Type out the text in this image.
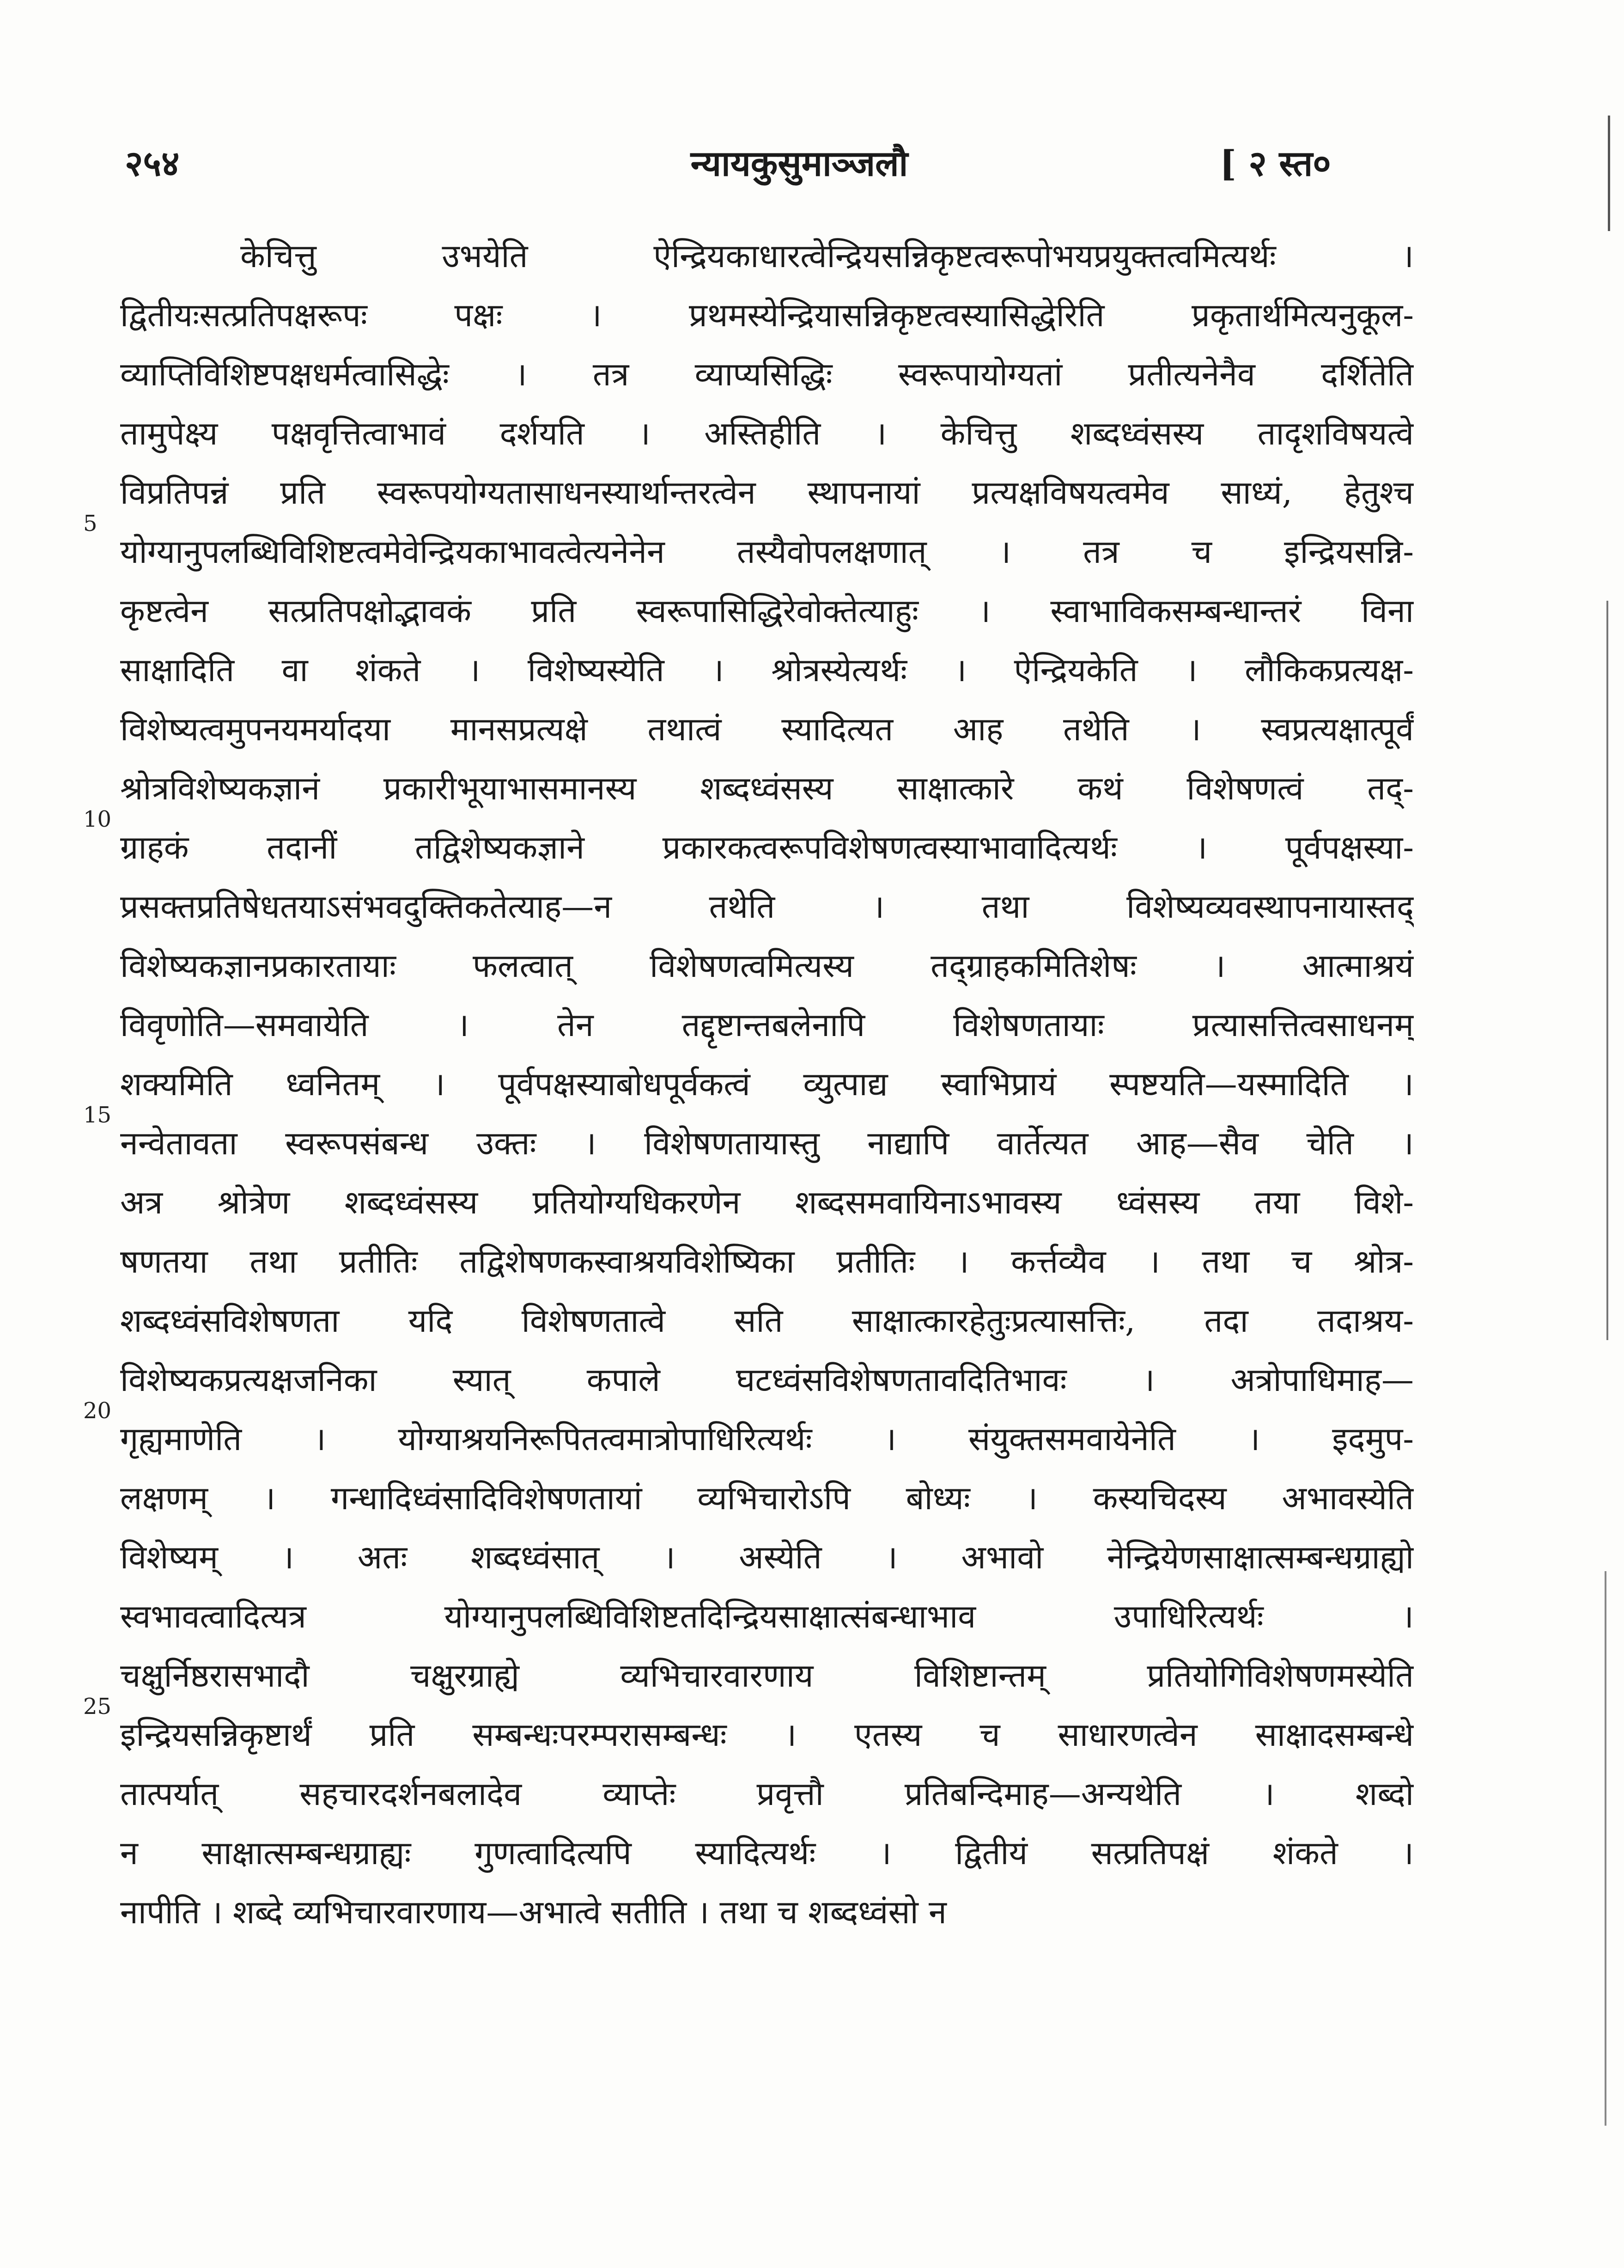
२५४	न्यायकुसुमाञ्जलौ	[ २ स्त०
5
10
15
20
25
केचित्तु उभयेति ऐन्द्रियकाधारत्वेन्द्रियसन्निकृष्टत्वरूपोभयप्रयुक्तत्वमित्यर्थः ।
द्वितीयःसत्प्रतिपक्षरूपः पक्षः । प्रथमस्येन्द्रियासन्निकृष्टत्वस्यासिद्धेरिति प्रकृतार्थमित्यनुकूल-
व्याप्तिविशिष्टपक्षधर्मत्वासिद्धेः । तत्र व्याप्यसिद्धिः स्वरूपायोग्यतां प्रतीत्यनेनैव दर्शितेति
तामुपेक्ष्य पक्षवृत्तित्वाभावं दर्शयति । अस्तिहीति । केचित्तु शब्दध्वंसस्य तादृशविषयत्वे
विप्रतिपन्नं प्रति स्वरूपयोग्यतासाधनस्यार्थान्तरत्वेन स्थापनायां प्रत्यक्षविषयत्वमेव साध्यं, हेतुश्च
योग्यानुपलब्धिविशिष्टत्वमेवेन्द्रियकाभावत्वेत्यनेनेन तस्यैवोपलक्षणात् । तत्र च इन्द्रियसन्नि-
कृष्टत्वेन सत्प्रतिपक्षोद्भावकं प्रति स्वरूपासिद्धिरेवोक्तेत्याहुः । स्वाभाविकसम्बन्धान्तरं विना
साक्षादिति वा शंकते । विशेष्यस्येति । श्रोत्रस्येत्यर्थः । ऐन्द्रियकेति । लौकिकप्रत्यक्ष-
विशेष्यत्वमुपनयमर्यादया मानसप्रत्यक्षे तथात्वं स्यादित्यत आह तथेति । स्वप्रत्यक्षात्पूर्वं
श्रोत्रविशेष्यकज्ञानं प्रकारीभूयाभासमानस्य शब्दध्वंसस्य साक्षात्कारे कथं विशेषणत्वं तद्-
ग्राहकं तदानीं तद्विशेष्यकज्ञाने प्रकारकत्वरूपविशेषणत्वस्याभावादित्यर्थः । पूर्वपक्षस्या-
प्रसक्तप्रतिषेधतयाऽसंभवदुक्तिकतेत्याह—न तथेति । तथा विशेष्यव्यवस्थापनायास्तद्
विशेष्यकज्ञानप्रकारतायाः फलत्वात् विशेषणत्वमित्यस्य तद्ग्राहकमितिशेषः । आत्माश्रयं
विवृणोति—समवायेति । तेन तद्दृष्टान्तबलेनापि विशेषणतायाः प्रत्यासत्तित्वसाधनम्
शक्यमिति ध्वनितम् । पूर्वपक्षस्याबोधपूर्वकत्वं व्युत्पाद्य स्वाभिप्रायं स्पष्टयति—यस्मादिति ।
नन्वेतावता स्वरूपसंबन्ध उक्तः । विशेषणतायास्तु नाद्यापि वार्तेत्यत आह—सैव चेति ।
अत्र श्रोत्रेण शब्दध्वंसस्य प्रतियोग्यधिकरणेन शब्दसमवायिनाऽभावस्य ध्वंसस्य तया विशे-
षणतया तथा प्रतीतिः तद्विशेषणकस्वाश्रयविशेष्यिका प्रतीतिः । कर्त्तव्यैव । तथा च श्रोत्र-
शब्दध्वंसविशेषणता यदि विशेषणतात्वे सति साक्षात्कारहेतुःप्रत्यासत्तिः, तदा तदाश्रय-
विशेष्यकप्रत्यक्षजनिका स्यात् कपाले घटध्वंसविशेषणतावदितिभावः । अत्रोपाधिमाह—
गृह्यमाणेति । योग्याश्रयनिरूपितत्वमात्रोपाधिरित्यर्थः । संयुक्तसमवायेनेति । इदमुप-
लक्षणम् । गन्धादिध्वंसादिविशेषणतायां व्यभिचारोऽपि बोध्यः । कस्यचिदस्य अभावस्येति
विशेष्यम् । अतः शब्दध्वंसात् । अस्येति । अभावो नेन्द्रियेणसाक्षात्सम्बन्धग्राह्यो
स्वभावत्वादित्यत्र योग्यानुपलब्धिविशिष्टतदिन्द्रियसाक्षात्संबन्धाभाव उपाधिरित्यर्थः ।
चक्षुर्निष्ठरासभादौ चक्षुरग्राह्ये व्यभिचारवारणाय विशिष्टान्तम् प्रतियोगिविशेषणमस्येति
इन्द्रियसन्निकृष्टार्थं प्रति सम्बन्धःपरम्परासम्बन्धः । एतस्य च साधारणत्वेन साक्षादसम्बन्धे
तात्पर्यात् सहचारदर्शनबलादेव व्याप्तेः प्रवृत्तौ प्रतिबन्दिमाह—अन्यथेति । शब्दो
न साक्षात्सम्बन्धग्राह्यः गुणत्वादित्यपि स्यादित्यर्थः । द्वितीयं सत्प्रतिपक्षं शंकते ।
नापीति । शब्दे व्यभिचारवारणाय—अभात्वे सतीति । तथा च शब्दध्वंसो न
